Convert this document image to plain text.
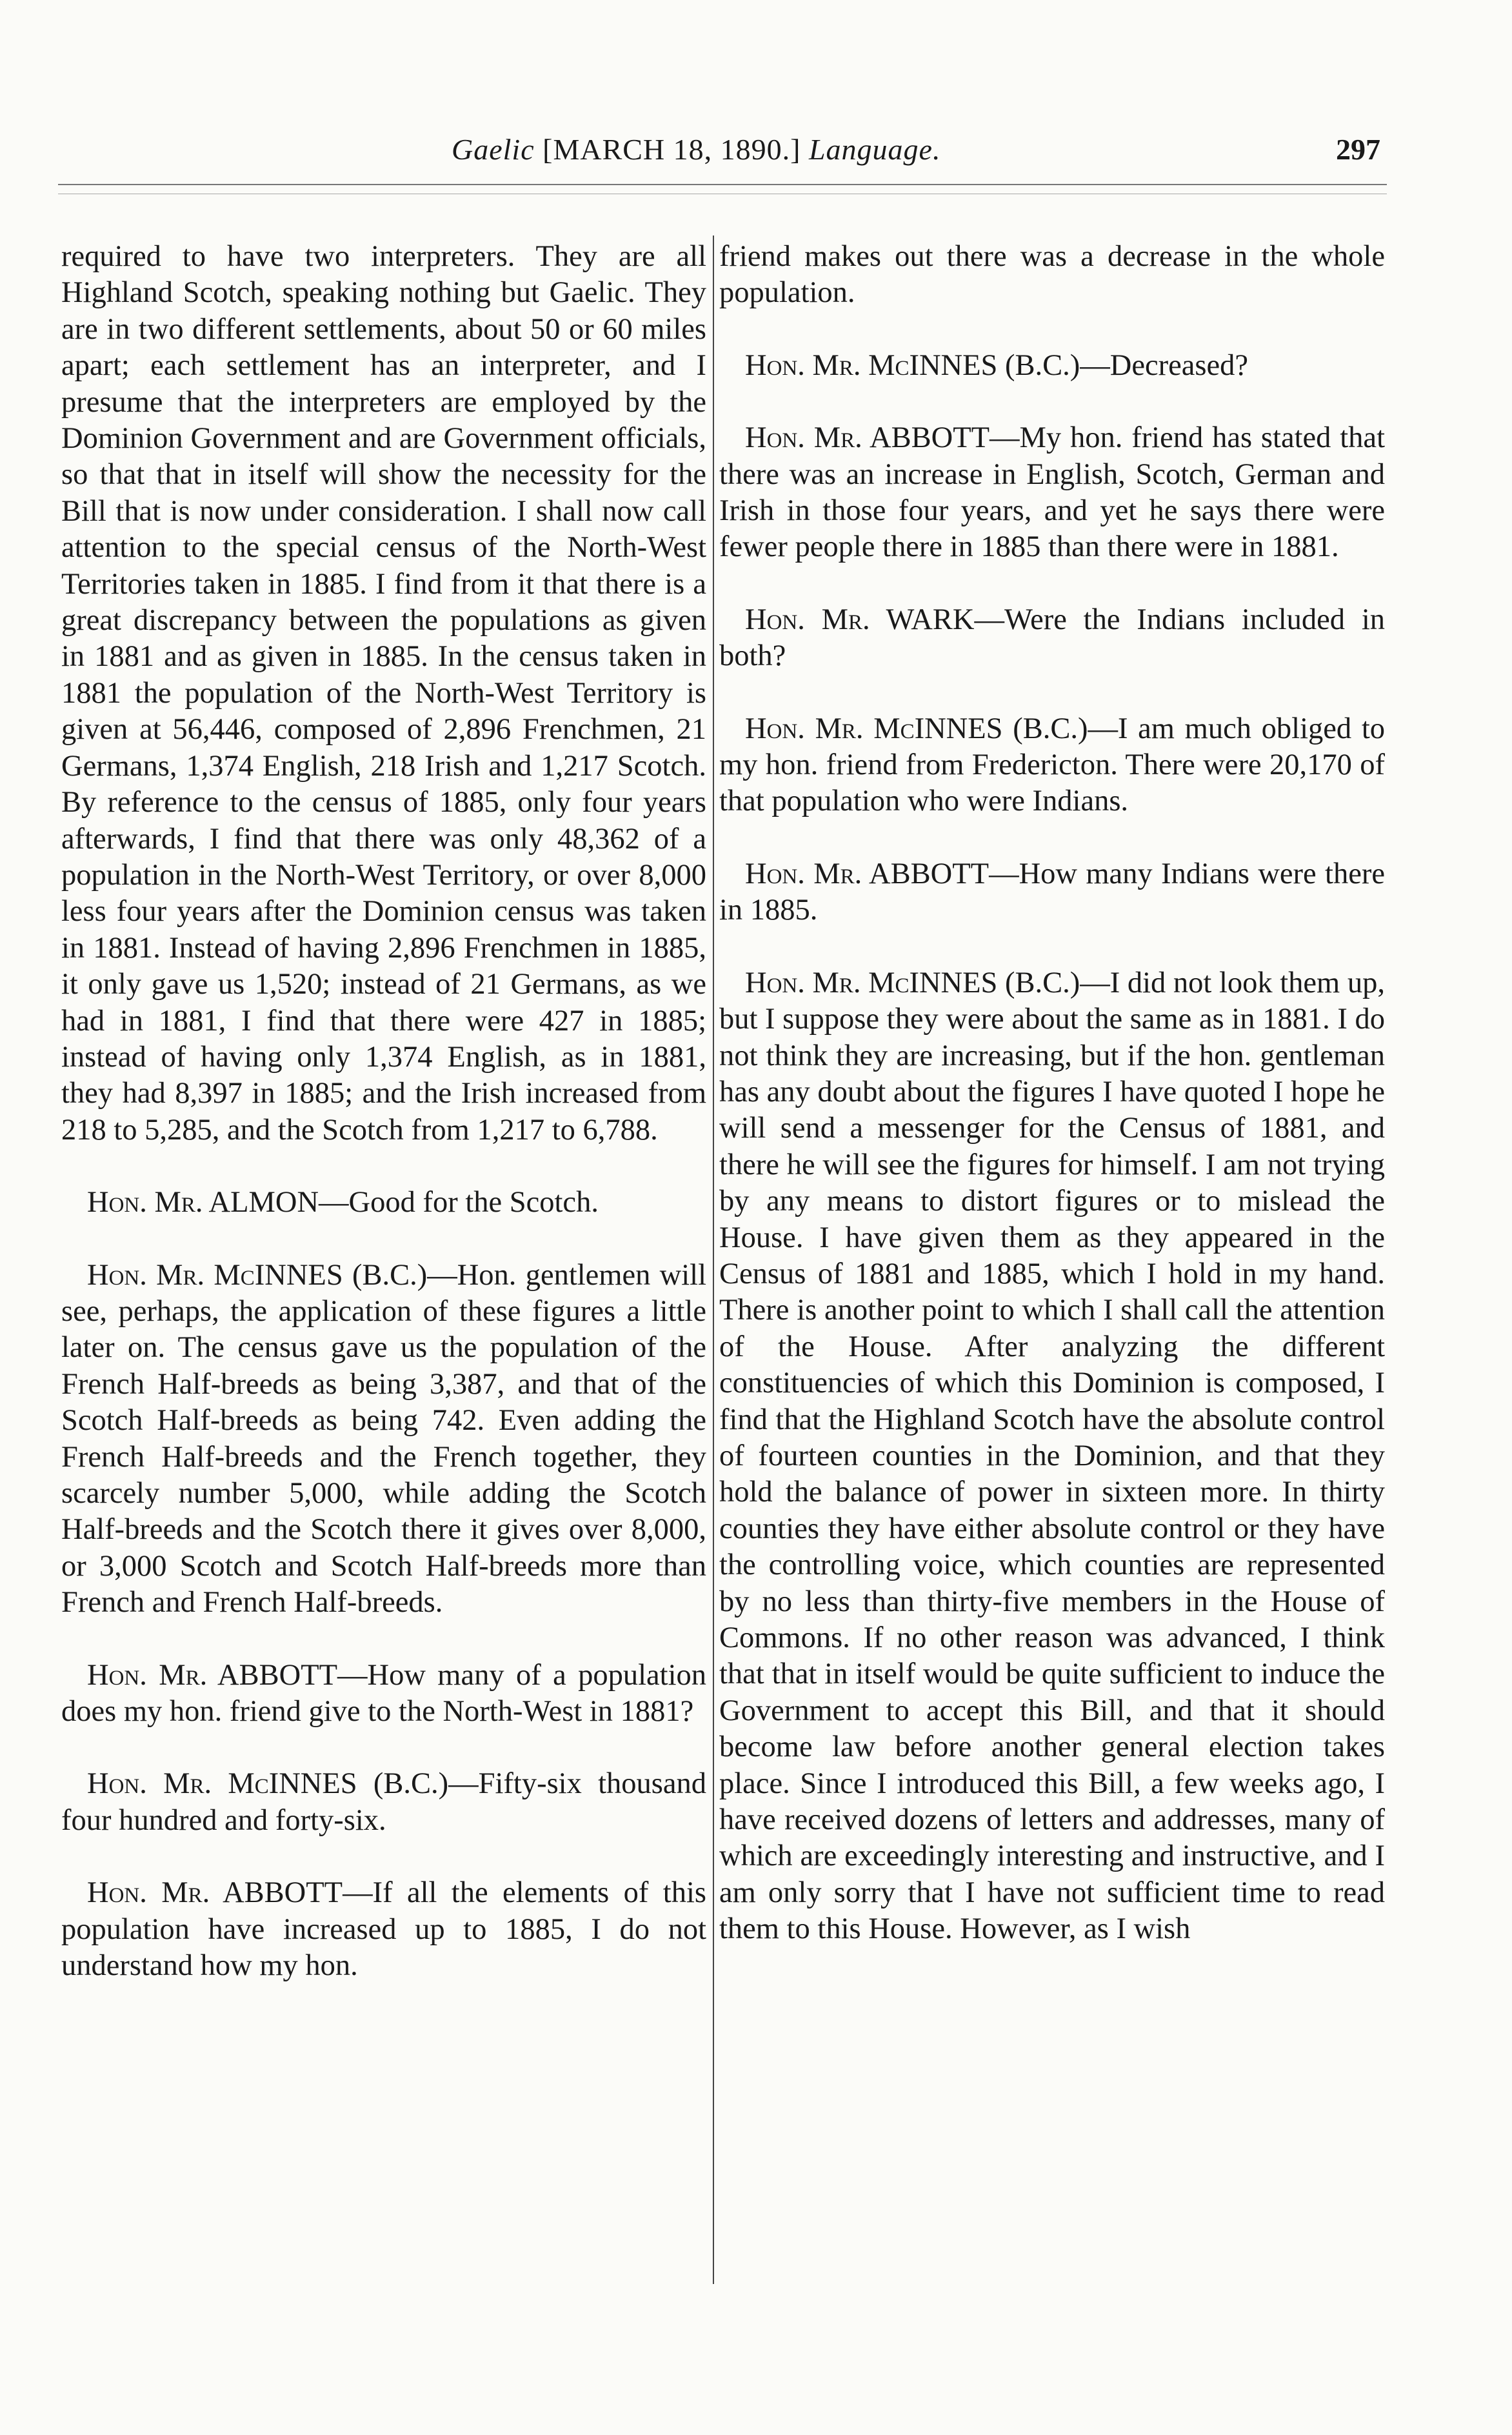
Gaelic [MARCH 18, 1890.] Language.	297

required to have two interpreters. They are all Highland Scotch, speaking nothing but Gaelic. They are in two different settlements, about 50 or 60 miles apart; each settlement has an interpreter, and I presume that the interpreters are employed by the Dominion Government and are Government officials, so that that in itself will show the necessity for the Bill that is now under consideration. I shall now call attention to the special census of the North-West Territories taken in 1885. I find from it that there is a great discrepancy between the populations as given in 1881 and as given in 1885. In the census taken in 1881 the population of the North-West Territory is given at 56,446, composed of 2,896 Frenchmen, 21 Germans, 1,374 English, 218 Irish and 1,217 Scotch. By reference to the census of 1885, only four years afterwards, I find that there was only 48,362 of a population in the North-West Territory, or over 8,000 less four years after the Dominion census was taken in 1881. Instead of having 2,896 Frenchmen in 1885, it only gave us 1,520; instead of 21 Germans, as we had in 1881, I find that there were 427 in 1885; instead of having only 1,374 English, as in 1881, they had 8,397 in 1885; and the Irish increased from 218 to 5,285, and the Scotch from 1,217 to 6,788.

Hon. Mr. ALMON—Good for the Scotch.

Hon. Mr. McINNES (B.C.)—Hon. gentlemen will see, perhaps, the application of these figures a little later on. The census gave us the population of the French Half-breeds as being 3,387, and that of the Scotch Half-breeds as being 742. Even adding the French Half-breeds and the French together, they scarcely number 5,000, while adding the Scotch Half-breeds and the Scotch there it gives over 8,000, or 3,000 Scotch and Scotch Half-breeds more than French and French Half-breeds.

Hon. Mr. ABBOTT—How many of a population does my hon. friend give to the North-West in 1881?

Hon. Mr. McINNES (B.C.)—Fifty-six thousand four hundred and forty-six.

Hon. Mr. ABBOTT—If all the elements of this population have increased up to 1885, I do not understand how my hon.

friend makes out there was a decrease in the whole population.

Hon. Mr. McINNES (B.C.)—Decreased?

Hon. Mr. ABBOTT—My hon. friend has stated that there was an increase in English, Scotch, German and Irish in those four years, and yet he says there were fewer people there in 1885 than there were in 1881.

Hon. Mr. WARK—Were the Indians included in both?

Hon. Mr. McINNES (B.C.)—I am much obliged to my hon. friend from Fredericton. There were 20,170 of that population who were Indians.

Hon. Mr. ABBOTT—How many Indians were there in 1885.

Hon. Mr. McINNES (B.C.)—I did not look them up, but I suppose they were about the same as in 1881. I do not think they are increasing, but if the hon. gentleman has any doubt about the figures I have quoted I hope he will send a messenger for the Census of 1881, and there he will see the figures for himself. I am not trying by any means to distort figures or to mislead the House. I have given them as they appeared in the Census of 1881 and 1885, which I hold in my hand. There is another point to which I shall call the attention of the House. After analyzing the different constituencies of which this Dominion is composed, I find that the Highland Scotch have the absolute control of fourteen counties in the Dominion, and that they hold the balance of power in sixteen more. In thirty counties they have either absolute control or they have the controlling voice, which counties are represented by no less than thirty-five members in the House of Commons. If no other reason was advanced, I think that that in itself would be quite sufficient to induce the Government to accept this Bill, and that it should become law before another general election takes place. Since I introduced this Bill, a few weeks ago, I have received dozens of letters and addresses, many of which are exceedingly interesting and instructive, and I am only sorry that I have not sufficient time to read them to this House. However, as I wish
